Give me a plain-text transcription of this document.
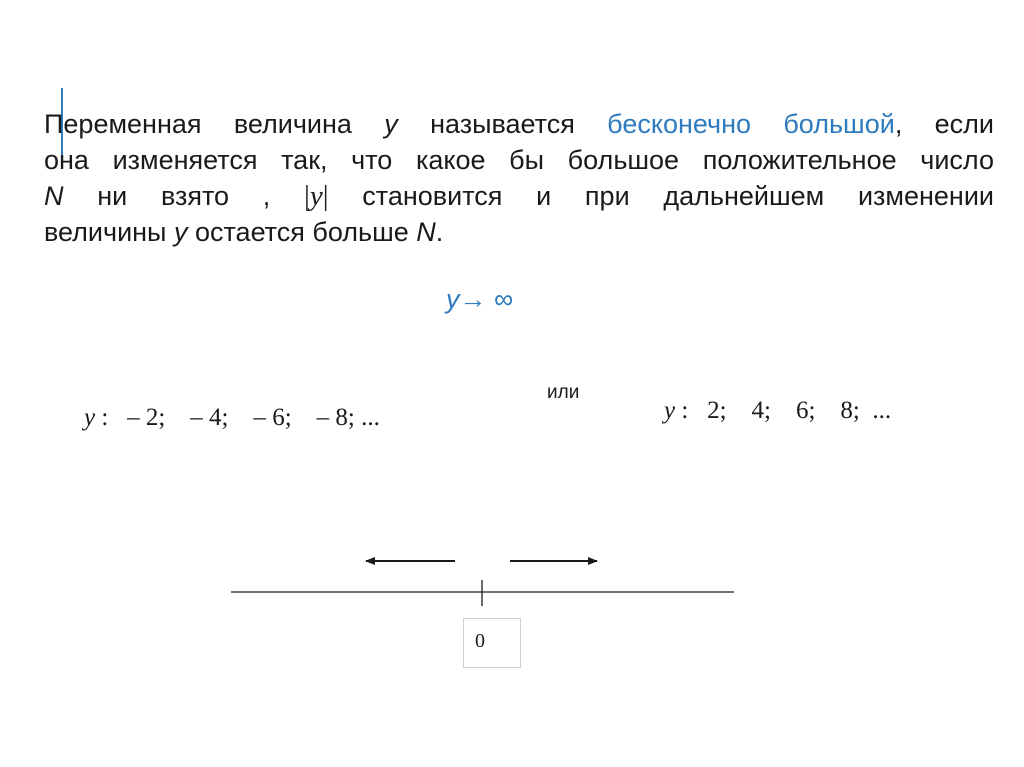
Переменная величина y называется бесконечно большой, если
она изменяется так, что какое бы большое положительное число
N ни взято , |y| становится и при дальнейшем изменении
величины y остается больше N.
y→ ∞
или
y : – 2;    – 4;    – 6;    – 8; ...	y : 2;    4;    6;    8;  ...
0
